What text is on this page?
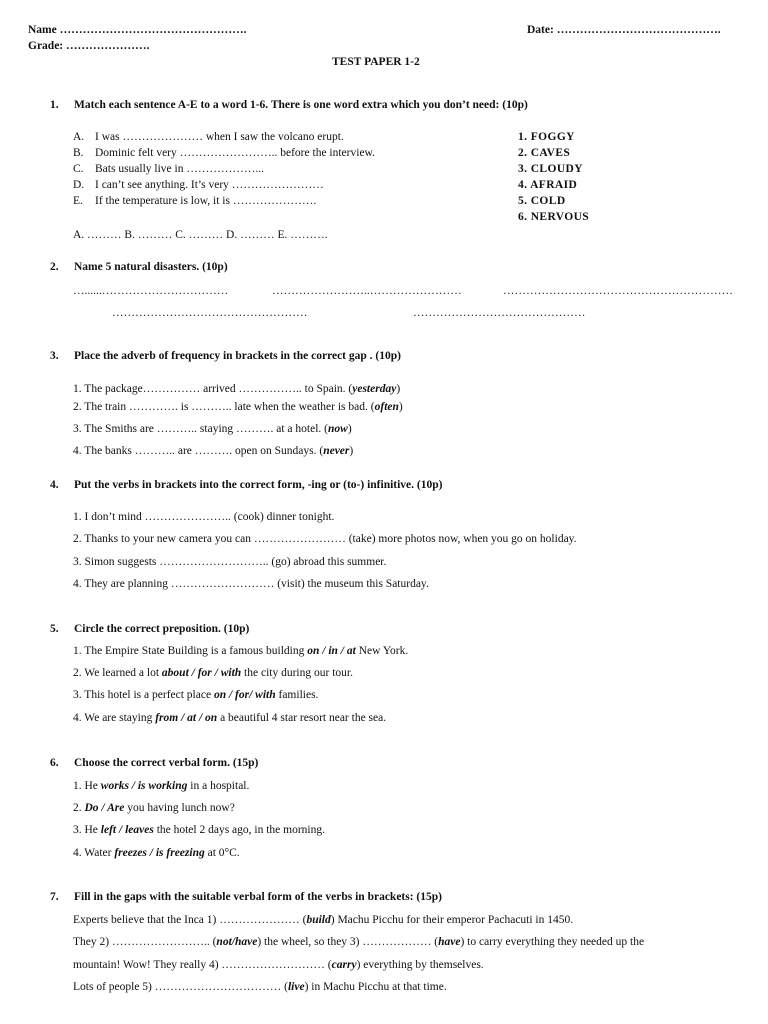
Name ………………………………………….	Date: …………………………………….
Grade: ………………….
TEST PAPER 1-2
1. Match each sentence A-E to a word 1-6. There is one word extra which you don’t need: (10p)
A. I was ………………… when I saw the volcano erupt.
B. Dominic felt very …………………….. before the interview.
C. Bats usually live in ………………...
D. I can’t see anything. It’s very ……………………
E. If the temperature is low, it is ………………….
1. FOGGY
2. CAVES
3. CLOUDY
4. AFRAID
5. COLD
6. NERVOUS
A. ……… B. ……… C. ……… D. ……… E. ……….
2. Name 5 natural disasters. (10p)
…......……………………………	……………………..……………………	……………………………………………………
……………………………………………	………………………………………
3. Place the adverb of frequency in brackets in the correct gap . (10p)
1. The package…………… arrived …………….. to Spain. (yesterday)
2. The train …………. is ……….. late when the weather is bad. (often)
3. The Smiths are ……….. staying ………. at a hotel. (now)
4. The banks ……….. are ………. open on Sundays. (never)
4. Put the verbs in brackets into the correct form, -ing or (to-) infinitive. (10p)
1. I don’t mind ………………….. (cook) dinner tonight.
2. Thanks to your new camera you can …………………… (take) more photos now, when you go on holiday.
3. Simon suggests ……………………….. (go) abroad this summer.
4. They are planning ……………………… (visit) the museum this Saturday.
5. Circle the correct preposition. (10p)
1. The Empire State Building is a famous building on / in / at New York.
2. We learned a lot about / for / with the city during our tour.
3. This hotel is a perfect place on / for/ with families.
4. We are staying from / at / on a beautiful 4 star resort near the sea.
6. Choose the correct verbal form. (15p)
1. He works / is working in a hospital.
2. Do / Are you having lunch now?
3. He left / leaves the hotel 2 days ago, in the morning.
4. Water freezes / is freezing at 0°C.
7. Fill in the gaps with the suitable verbal form of the verbs in brackets: (15p)
Experts believe that the Inca 1) ………………… (build) Machu Picchu for their emperor Pachacuti in 1450.
They 2) …………………….. (not/have) the wheel, so they 3) ……………… (have) to carry everything they needed up the
mountain! Wow! They really 4) ……………………… (carry) everything by themselves.
Lots of people 5) …………………………… (live) in Machu Picchu at that time.
